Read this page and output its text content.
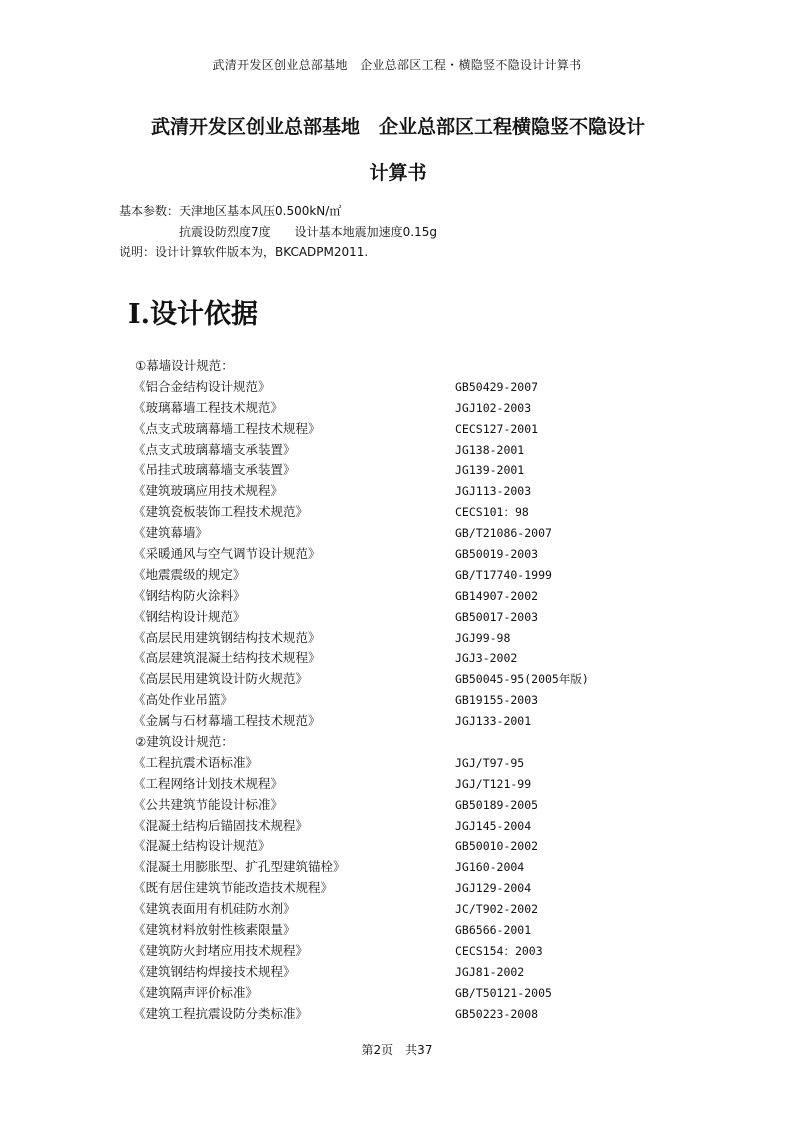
武清开发区创业总部基地　企业总部区工程・横隐竖不隐设计计算书
武清开发区创业总部基地　企业总部区工程横隐竖不隐设计
计算书
基本参数：天津地区基本风压0.500kN/㎡
　　　　　抗震设防烈度7度　　设计基本地震加速度0.15g
说明：设计计算软件版本为，BKCADPM2011.
Ⅰ.设计依据
①幕墙设计规范：
《铝合金结构设计规范》	GB50429-2007
《玻璃幕墙工程技术规范》	JGJ102-2003
《点支式玻璃幕墙工程技术规程》	CECS127-2001
《点支式玻璃幕墙支承装置》	JG138-2001
《吊挂式玻璃幕墙支承装置》	JG139-2001
《建筑玻璃应用技术规程》	JGJ113-2003
《建筑瓷板装饰工程技术规范》	CECS101：98
《建筑幕墙》	GB/T21086-2007
《采暖通风与空气调节设计规范》	GB50019-2003
《地震震级的规定》	GB/T17740-1999
《钢结构防火涂料》	GB14907-2002
《钢结构设计规范》	GB50017-2003
《高层民用建筑钢结构技术规范》	JGJ99-98
《高层建筑混凝土结构技术规程》	JGJ3-2002
《高层民用建筑设计防火规范》	GB50045-95(2005年版)
《高处作业吊篮》	GB19155-2003
《金属与石材幕墙工程技术规范》	JGJ133-2001
②建筑设计规范：
《工程抗震术语标准》	JGJ/T97-95
《工程网络计划技术规程》	JGJ/T121-99
《公共建筑节能设计标准》	GB50189-2005
《混凝土结构后锚固技术规程》	JGJ145-2004
《混凝土结构设计规范》	GB50010-2002
《混凝土用膨胀型、扩孔型建筑锚栓》	JG160-2004
《既有居住建筑节能改造技术规程》	JGJ129-2004
《建筑表面用有机硅防水剂》	JC/T902-2002
《建筑材料放射性核素限量》	GB6566-2001
《建筑防火封堵应用技术规程》	CECS154：2003
《建筑钢结构焊接技术规程》	JGJ81-2002
《建筑隔声评价标准》	GB/T50121-2005
《建筑工程抗震设防分类标准》	GB50223-2008
第2页　共37
